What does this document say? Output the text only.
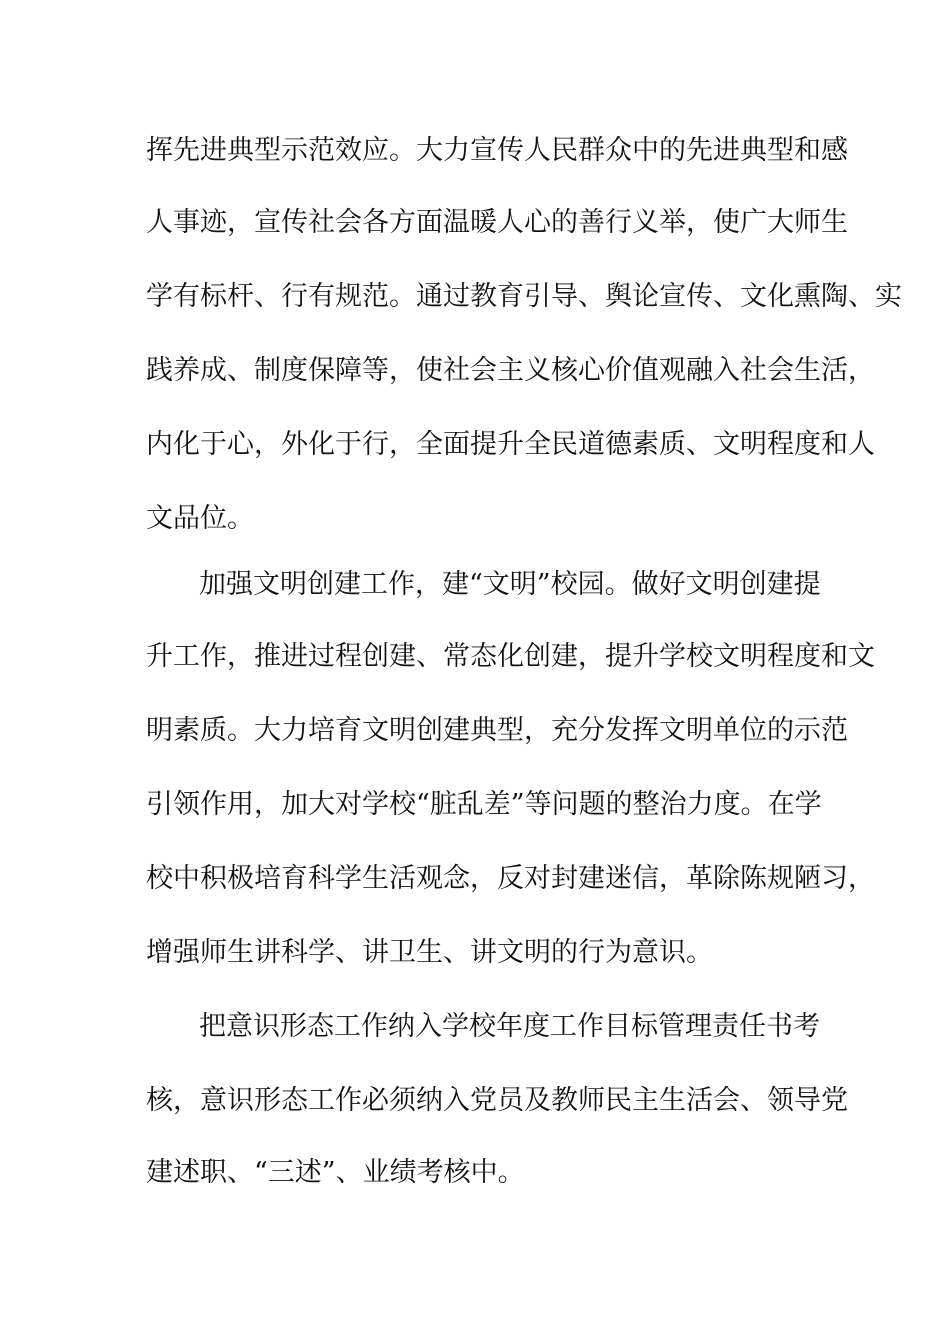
挥先进典型示范效应。大力宣传人民群众中的先进典型和感
人事迹，宣传社会各方面温暖人心的善行义举，使广大师生
学有标杆、行有规范。通过教育引导、舆论宣传、文化熏陶、实
践养成、制度保障等，使社会主义核心价值观融入社会生活，
内化于心，外化于行，全面提升全民道德素质、文明程度和人
文品位。
加强文明创建工作，建“文明”校园。做好文明创建提
升工作，推进过程创建、常态化创建，提升学校文明程度和文
明素质。大力培育文明创建典型，充分发挥文明单位的示范
引领作用，加大对学校“脏乱差”等问题的整治力度。在学
校中积极培育科学生活观念，反对封建迷信，革除陈规陋习，
增强师生讲科学、讲卫生、讲文明的行为意识。
把意识形态工作纳入学校年度工作目标管理责任书考
核，意识形态工作必须纳入党员及教师民主生活会、领导党
建述职、“三述”、业绩考核中。
